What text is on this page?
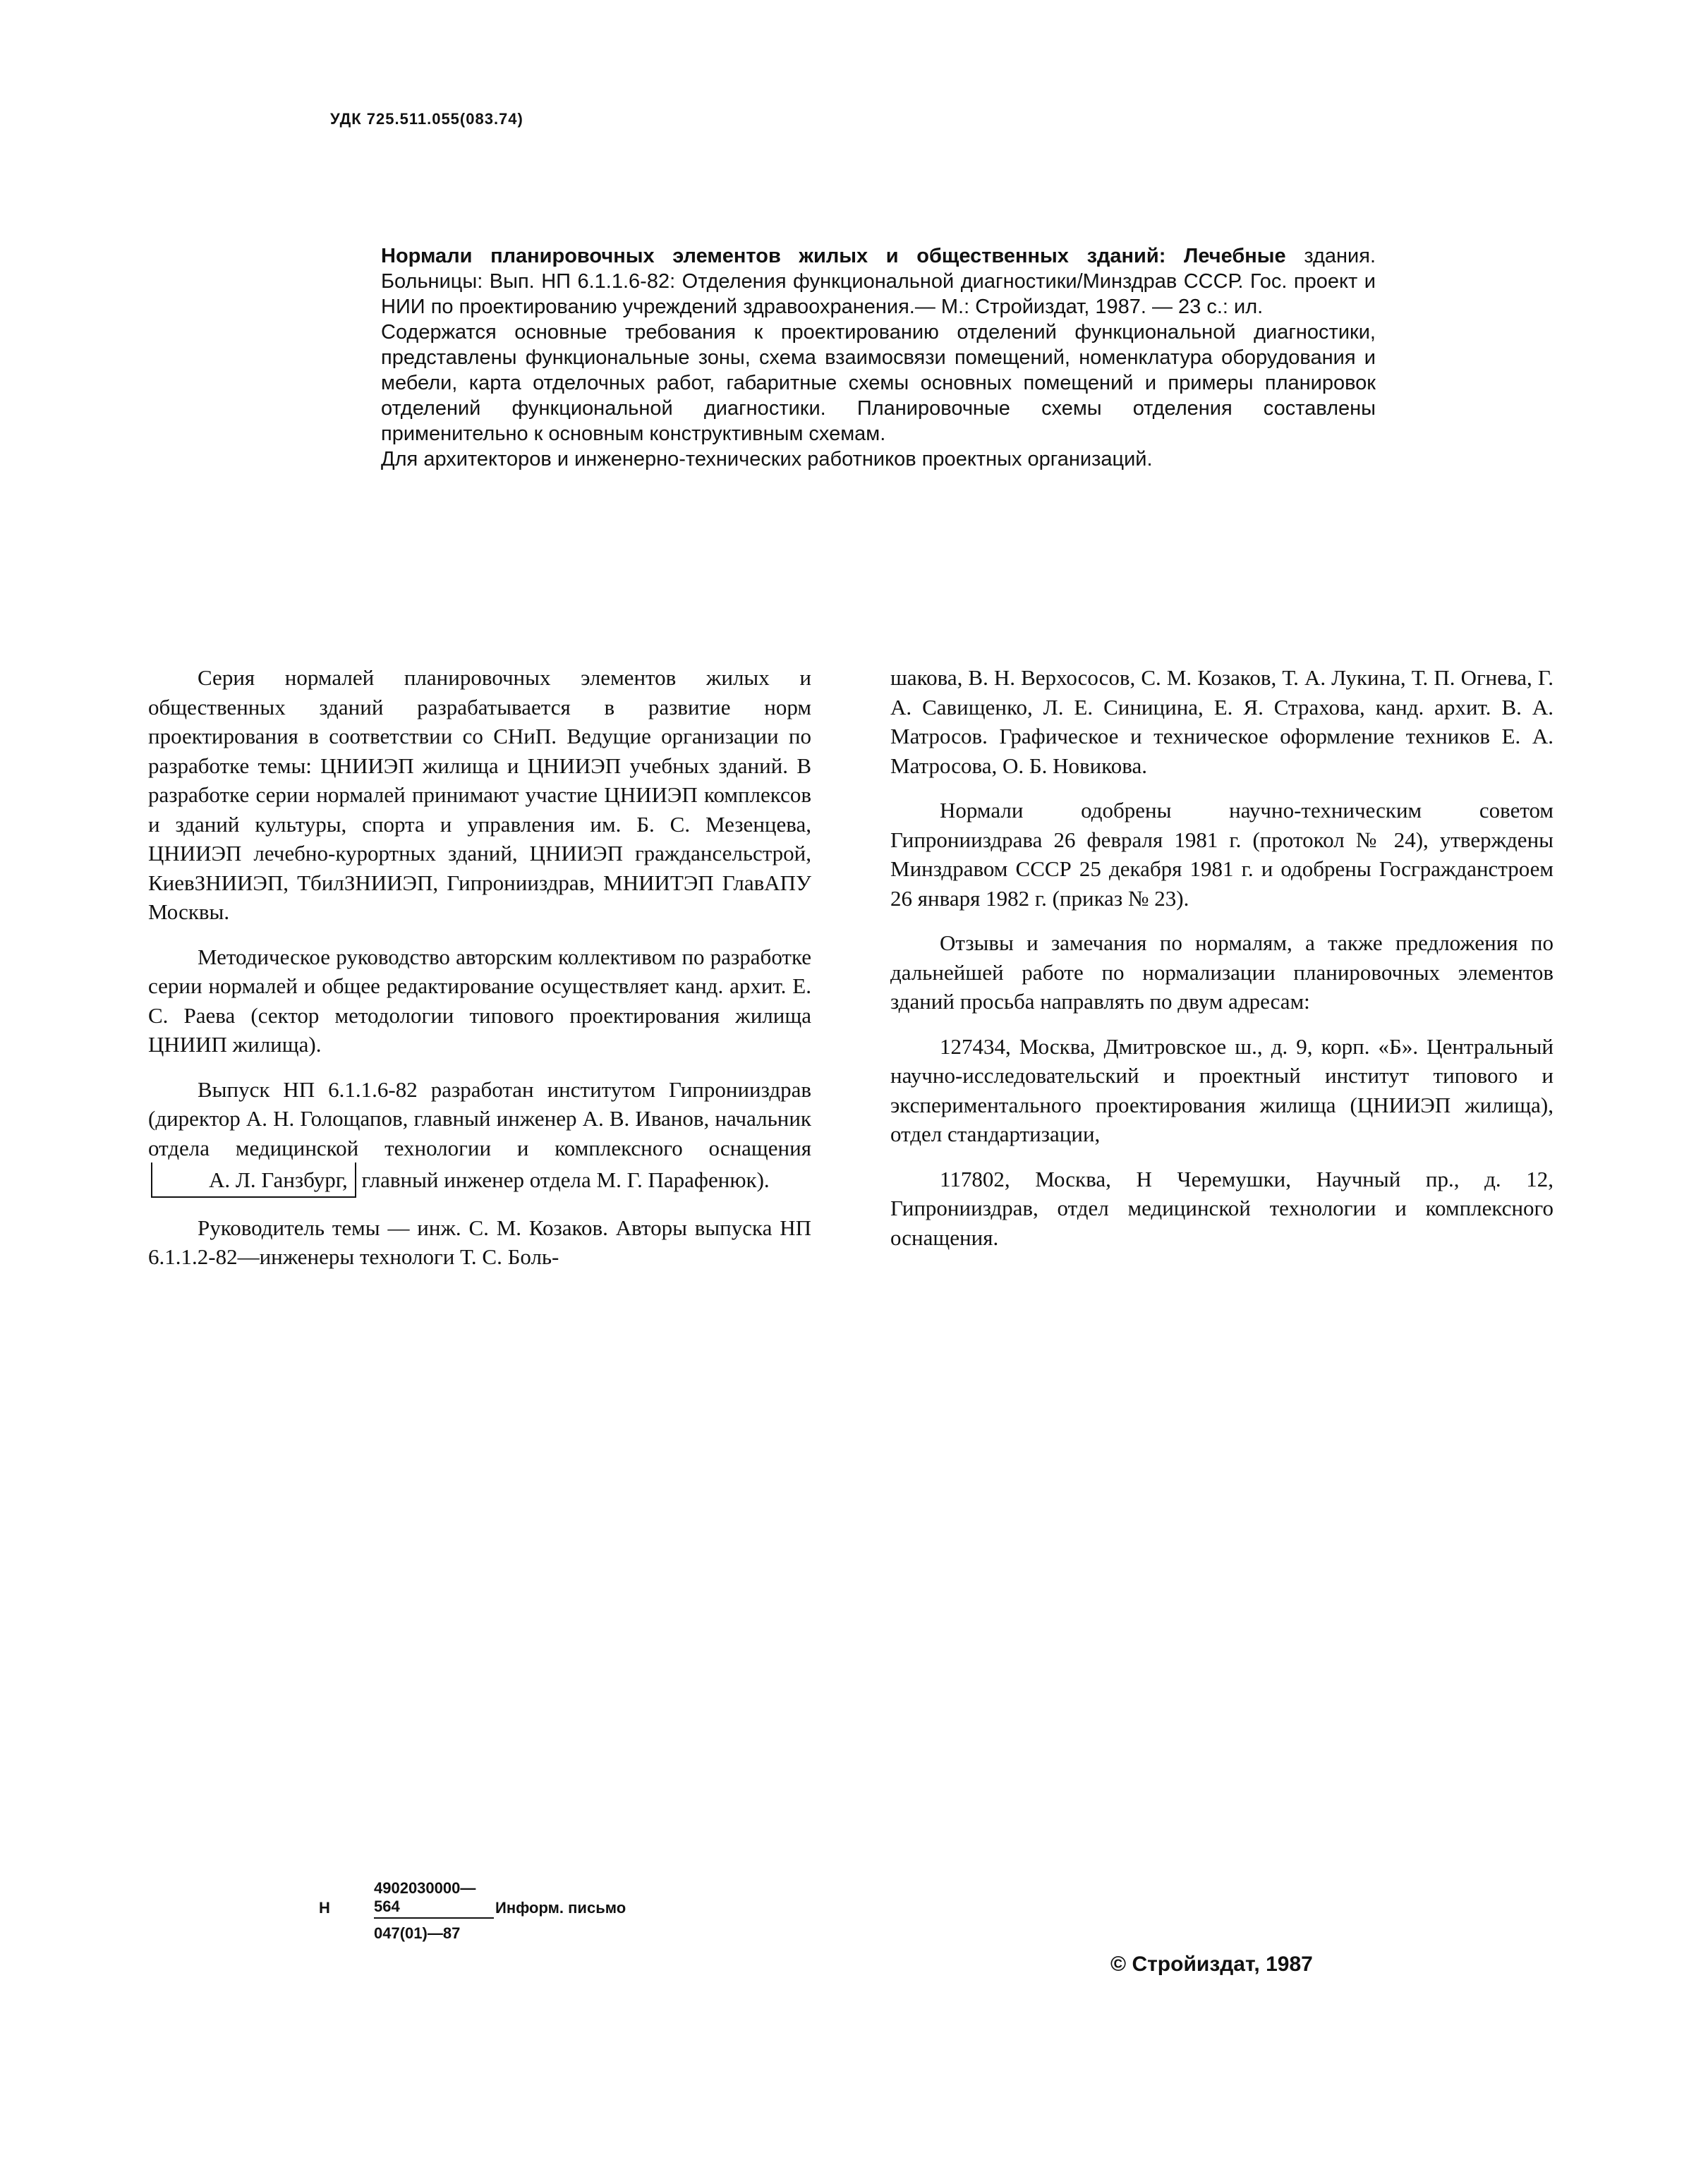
УДК 725.511.055(083.74)

Нормали планировочных элементов жилых и общественных зданий: Лечебные здания. Больницы: Вып. НП 6.1.1.6-82: Отделения функциональной диагностики/Минздрав СССР. Гос. проект и НИИ по проектированию учреждений здравоохранения.— М.: Стройиздат, 1987. — 23 с.: ил.

Содержатся основные требования к проектированию отделений функциональной диагностики, представлены функциональные зоны, схема взаимосвязи помещений, номенклатура оборудования и мебели, карта отделочных работ, габаритные схемы основных помещений и примеры планировок отделений функциональной диагностики. Планировочные схемы отделения составлены применительно к основным конструктивным схемам.

Для архитекторов и инженерно-технических работников проектных организаций.

Серия нормалей планировочных элементов жилых и общественных зданий разрабатывается в развитие норм проектирования в соответствии со СНиП. Ведущие организации по разработке темы: ЦНИИЭП жилища и ЦНИИЭП учебных зданий. В разработке серии нормалей принимают участие ЦНИИЭП комплексов и зданий культуры, спорта и управления им. Б. С. Мезенцева, ЦНИИЭП лечебно-курортных зданий, ЦНИИЭП граждансельстрой, КиевЗНИИЭП, ТбилЗНИИЭП, Гипронииздрав, МНИИТЭП ГлавАПУ Москвы.

Методическое руководство авторским коллективом по разработке серии нормалей и общее редактирование осуществляет канд. архит. Е. С. Раева (сектор методологии типового проектирования жилища ЦНИИП жилища).

Выпуск НП 6.1.1.6-82 разработан институтом Гипронииздрав (директор А. Н. Голощапов, главный инженер А. В. Иванов, начальник отдела медицинской технологии и комплексного оснащенияА. Л. Ганзбург, главный инженер отдела М. Г. Парафенюк).

Руководитель темы — инж. С. М. Козаков. Авторы выпуска НП 6.1.1.2-82—инженеры технологи Т. С. Боль-

шакова, В. Н. Верхососов, С. М. Козаков, Т. А. Лукина, Т. П. Огнева, Г. А. Савищенко, Л. Е. Синицина, Е. Я. Страхова, канд. архит. В. А. Матросов. Графическое и техническое оформление техников Е. А. Матросова, О. Б. Новикова.

Нормали одобрены научно-техническим советом Гипронииздрава 26 февраля 1981 г. (протокол № 24), утверждены Минздравом СССР 25 декабря 1981 г. и одобрены Госгражданстроем 26 января 1982 г. (приказ № 23).

Отзывы и замечания по нормалям, а также предложения по дальнейшей работе по нормализации планировочных элементов зданий просьба направлять по двум адресам:

127434, Москва, Дмитровское ш., д. 9, корп. «Б». Центральный научно-исследовательский и проектный институт типового и экспериментального проектирования жилища (ЦНИИЭП жилища), отдел стандартизации,

117802, Москва, Н Черемушки, Научный пр., д. 12, Гипронииздрав, отдел медицинской технологии и комплексного оснащения.

Н	$\frac{4902030000—564}{047(01)—87}$ Информ. письмо
© Стройиздат, 1987
